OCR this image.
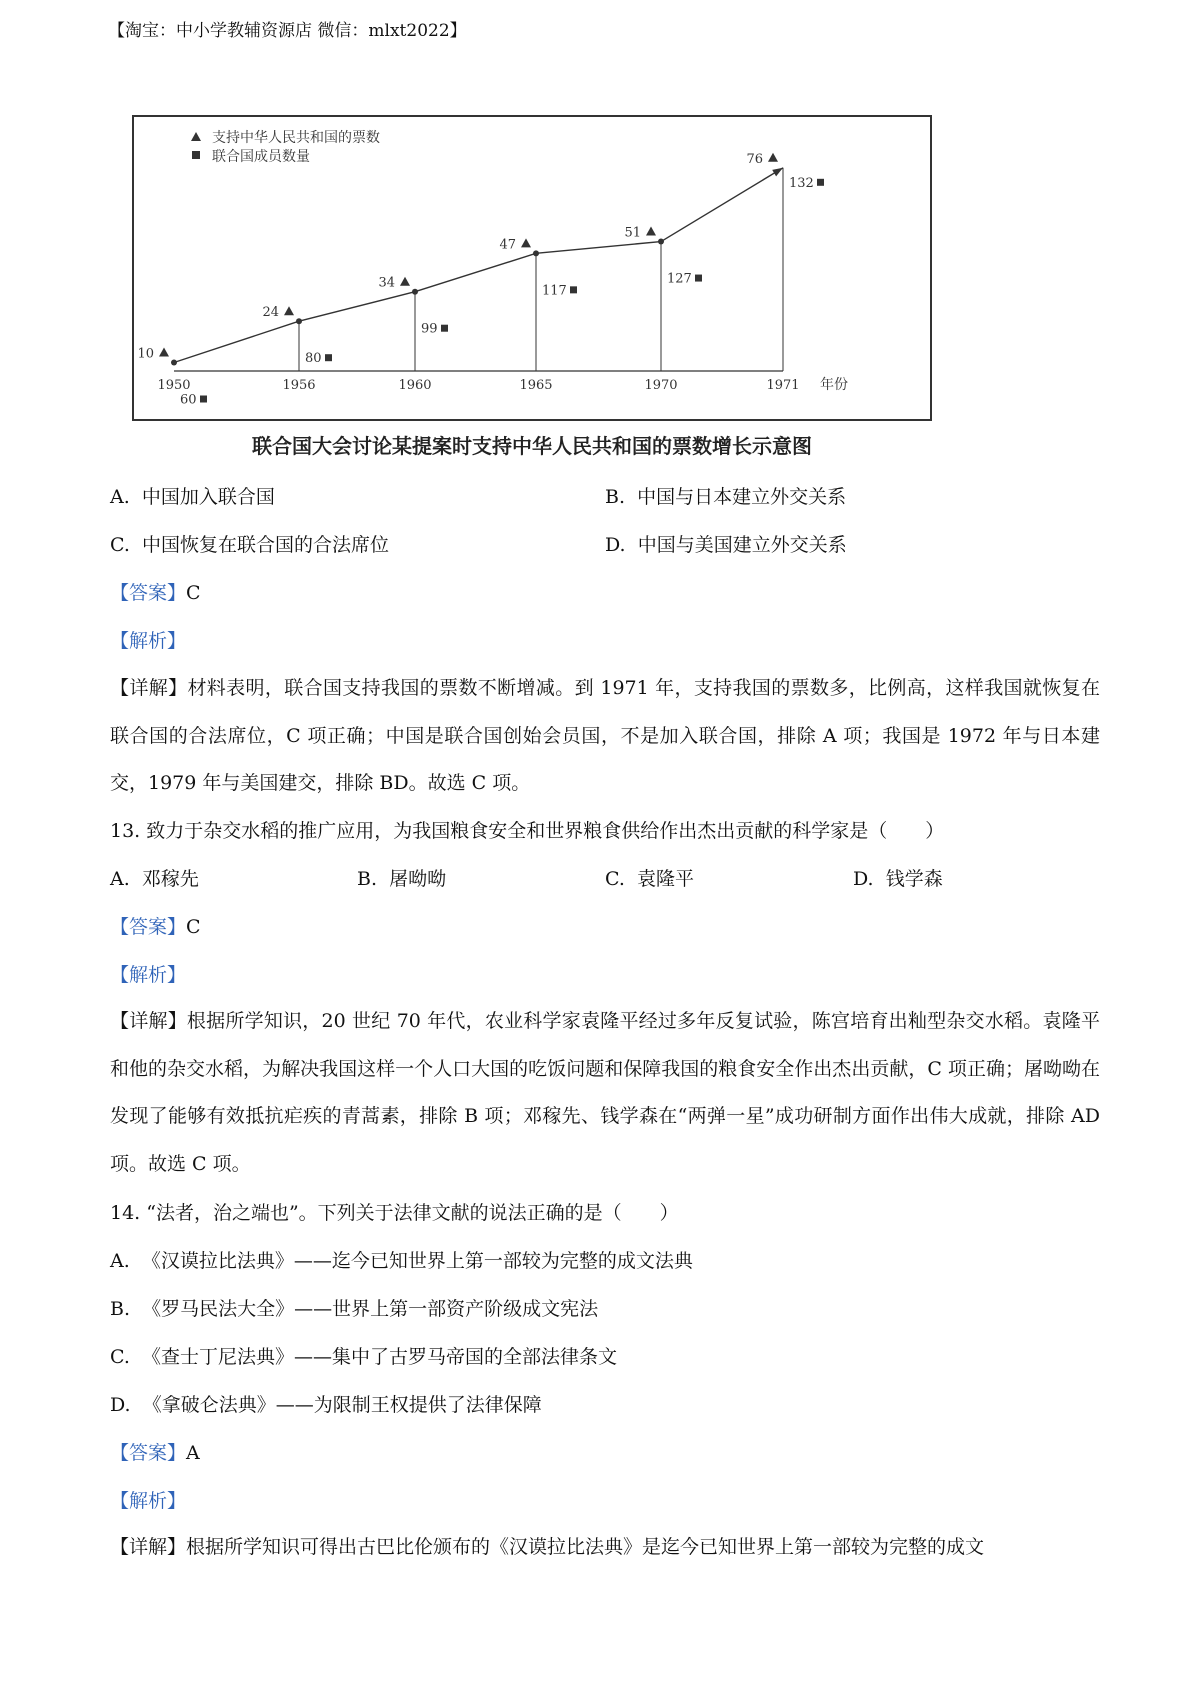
【淘宝：中小学教辅资源店 微信：mlxt2022】
10
24
34
47
51
76
60
80
99
117
127
132
1950	1956	1960	1965	1970	1971 年份
支持中华人民共和国的票数
联合国成员数量
联合国大会讨论某提案时支持中华人民共和国的票数增长示意图
A. 中国加入联合国	B. 中国与日本建立外交关系
C. 中国恢复在联合国的合法席位	D. 中国与美国建立外交关系
【答案】C
【解析】
【详解】材料表明，联合国支持我国的票数不断增减。到 1971 年，支持我国的票数多，比例高，这样我国就恢复在联合国的合法席位，C 项正确；中国是联合国创始会员国，不是加入联合国，排除 A 项；我国是 1972 年与日本建交，1979 年与美国建交，排除 BD。故选 C 项。
13. 致力于杂交水稻的推广应用，为我国粮食安全和世界粮食供给作出杰出贡献的科学家是（　　）
A. 邓稼先	B. 屠呦呦	C. 袁隆平	D. 钱学森
【答案】C
【解析】
【详解】根据所学知识，20 世纪 70 年代，农业科学家袁隆平经过多年反复试验，陈宫培育出籼型杂交水稻。袁隆平和他的杂交水稻，为解决我国这样一个人口大国的吃饭问题和保障我国的粮食安全作出杰出贡献，C 项正确；屠呦呦在发现了能够有效抵抗疟疾的青蒿素，排除 B 项；邓稼先、钱学森在“两弹一星”成功研制方面作出伟大成就，排除 AD 项。故选 C 项。
14. “法者，治之端也”。下列关于法律文献的说法正确的是（　　）
A. 《汉谟拉比法典》——迄今已知世界上第一部较为完整的成文法典
B. 《罗马民法大全》——世界上第一部资产阶级成文宪法
C. 《查士丁尼法典》——集中了古罗马帝国的全部法律条文
D. 《拿破仑法典》——为限制王权提供了法律保障
【答案】A
【解析】
【详解】根据所学知识可得出古巴比伦颁布的《汉谟拉比法典》是迄今已知世界上第一部较为完整的成文
